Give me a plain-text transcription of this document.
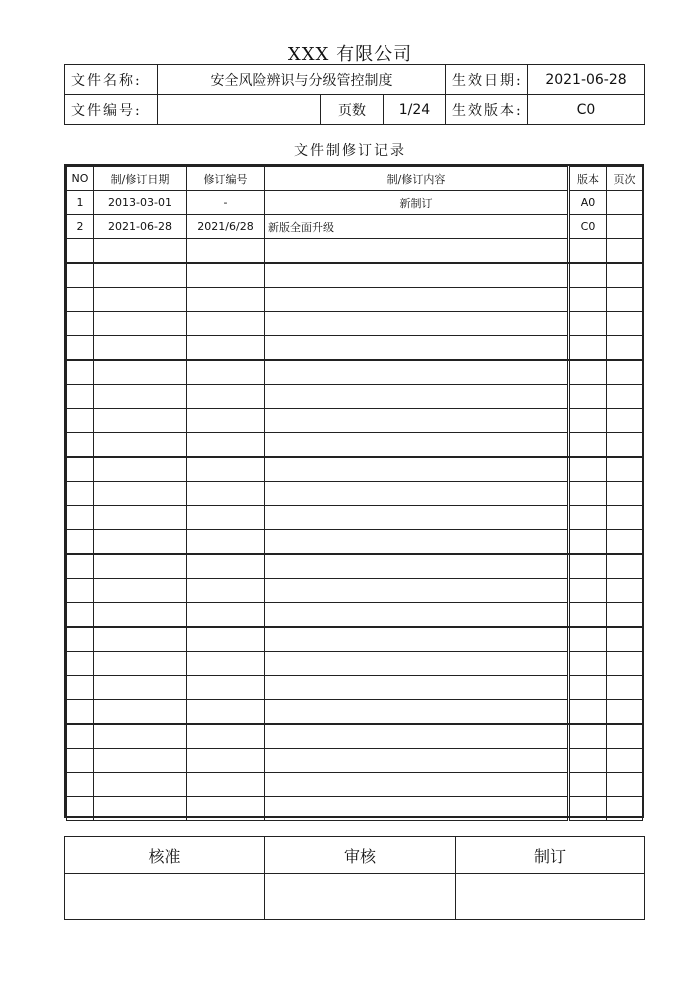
XXX 有限公司
文件名称:	安全风险辨识与分级管控制度			生效日期:	2021-06-28
文件编号:		页数	1/24	生效版本:	C0
文件制修订记录
NO	制/修订日期	修订编号	制/修订内容		版本	页次
1	2013-03-01	-	新制订		A0	
2	2021-06-28	2021/6/28	新版全面升级		C0	

核准	审核	制订
